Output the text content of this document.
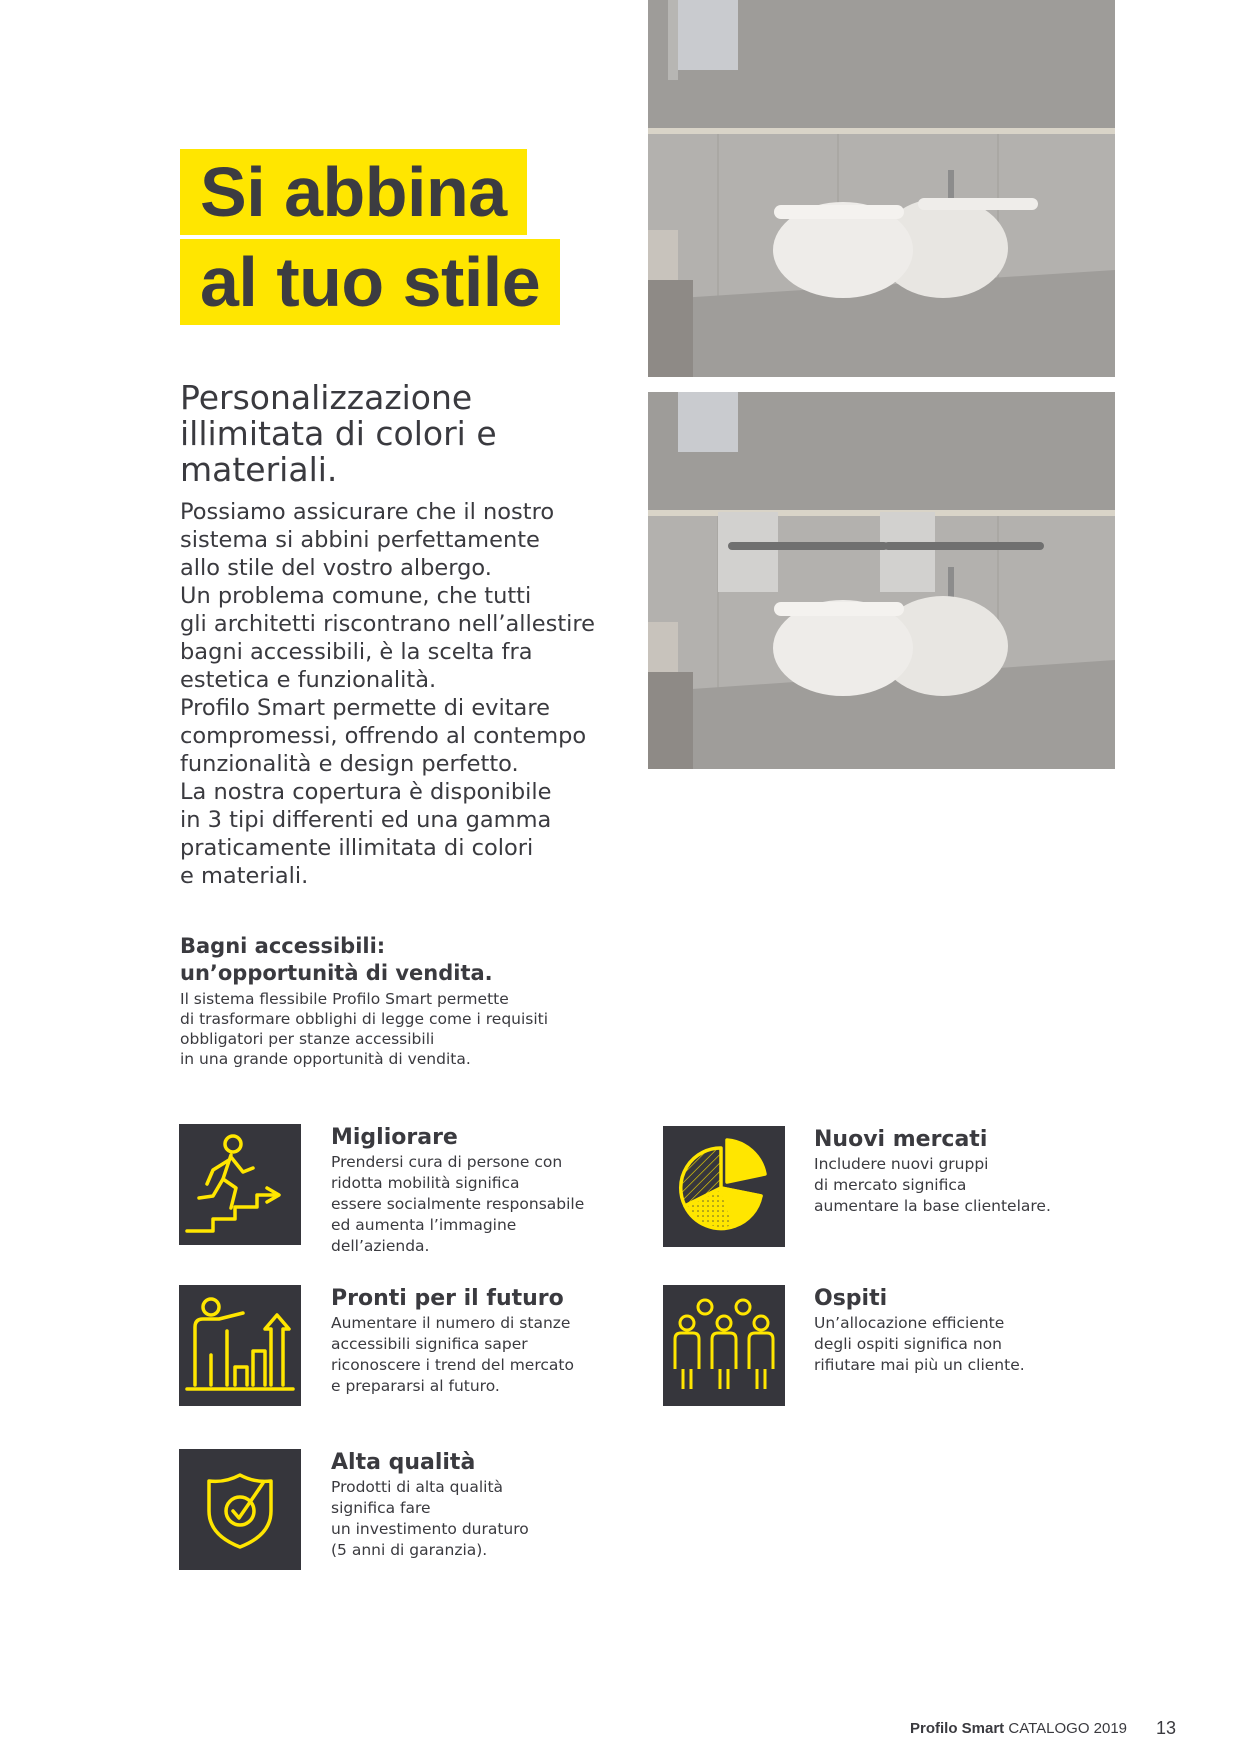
Si abbina
al tuo stile
Personalizzazione
illimitata di colori e
materiali.
Possiamo assicurare che il nostro
sistema si abbini perfettamente
allo stile del vostro albergo.
Un problema comune, che tutti
gli architetti riscontrano nell’allestire
bagni accessibili, è la scelta fra
estetica e funzionalità.
Profilo Smart permette di evitare
compromessi, offrendo al contempo
funzionalità e design perfetto.
La nostra copertura è disponibile
in 3 tipi differenti ed una gamma
praticamente illimitata di colori
e materiali.
Bagni accessibili:
un’opportunità di vendita.
Il sistema flessibile Profilo Smart permette
di trasformare obblighi di legge come i requisiti
obbligatori per stanze accessibili
in una grande opportunità di vendita.
Migliorare
Prendersi cura di persone con
ridotta mobilità significa
essere socialmente responsabile
ed aumenta l’immagine
dell’azienda.
Nuovi mercati
Includere nuovi gruppi
di mercato significa
aumentare la base clientelare.
Pronti per il futuro
Aumentare il numero di stanze
accessibili significa saper
riconoscere i trend del mercato
e prepararsi al futuro.
Ospiti
Un’allocazione efficiente
degli ospiti significa non
rifiutare mai più un cliente.
Alta qualità
Prodotti di alta qualità
significa fare
un investimento duraturo
(5 anni di garanzia).
Profilo Smart CATALOGO 2019 13
